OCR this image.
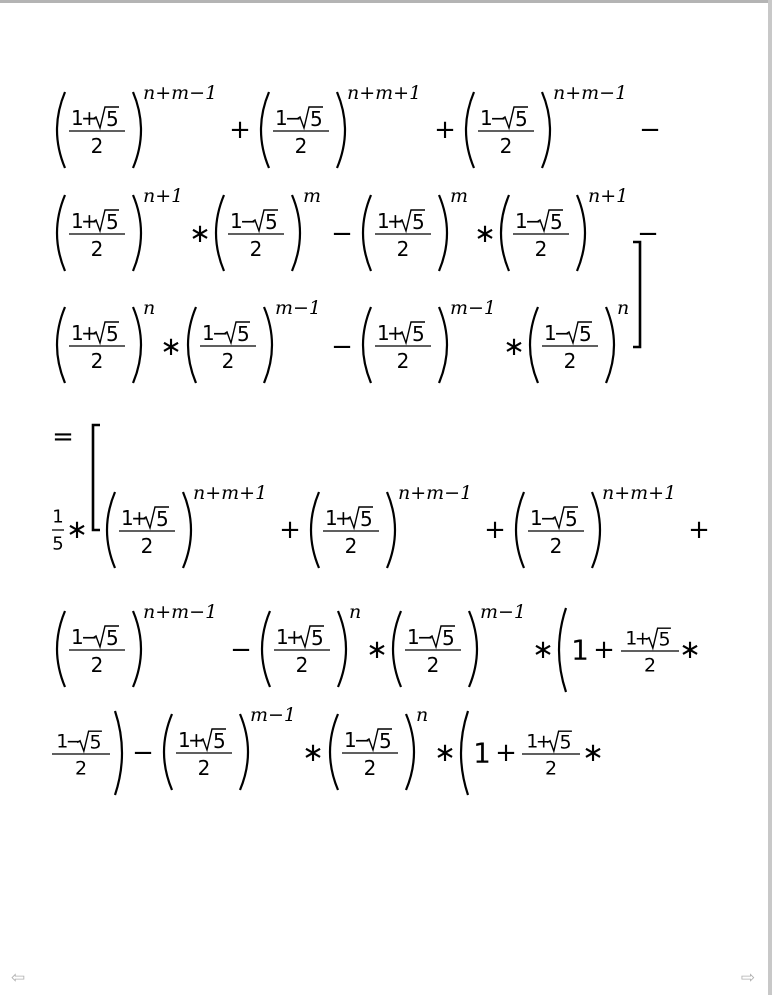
1
+ 5
2
n+m−1
+ 1
− 5
2
n+m+1
+ 1
− 5
2
n+m−1
−
1
+ 5
2
n+1
∗ 1
− 5
2
m
− 1
+ 5
2
m
∗ 1
− 5
2
n+1
−
1
+ 5
2
n
∗ 1
− 5
2
m−1
− 1
+ 5
2
m−1
∗ 1
− 5
2
n
=
1
5 ∗ 1
+ 5
2
n+m+1
+ 1
+ 5
2
n+m−1
+ 1
− 5
2
n+m+1
+
1
− 5
2
n+m−1
− 1
+ 5
2
n
∗ 1
− 5
2
m−1
∗ 1 + 1
+ 5
2
∗
1
− 5
2
− 1
+ 5
2
m−1
∗ 1
− 5
2
n
∗ 1 + 1
+ 5
2
∗
⇦	⇨
